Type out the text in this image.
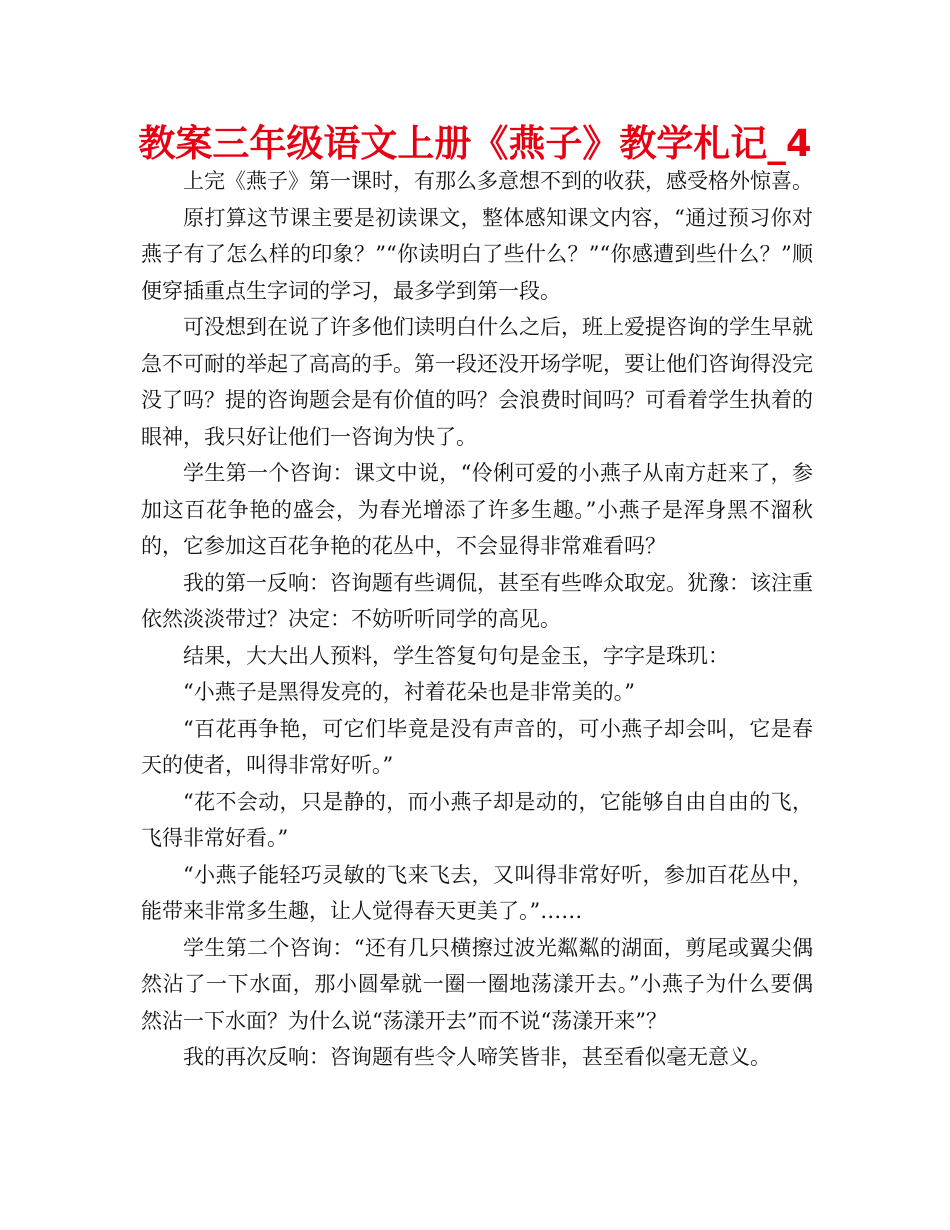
教案三年级语文上册《燕子》教学札记_4

上完《燕子》第一课时，有那么多意想不到的收获，感受格外惊喜。

原打算这节课主要是初读课文，整体感知课文内容，“通过预习你对燕子有了怎么样的印象？”“你读明白了些什么？”“你感遭到些什么？”顺便穿插重点生字词的学习，最多学到第一段。

可没想到在说了许多他们读明白什么之后，班上爱提咨询的学生早就急不可耐的举起了高高的手。第一段还没开场学呢，要让他们咨询得没完没了吗？提的咨询题会是有价值的吗？会浪费时间吗？可看着学生执着的眼神，我只好让他们一咨询为快了。

学生第一个咨询：课文中说，“伶俐可爱的小燕子从南方赶来了，参加这百花争艳的盛会，为春光增添了许多生趣。”小燕子是浑身黑不溜秋的，它参加这百花争艳的花丛中，不会显得非常难看吗？

我的第一反响：咨询题有些调侃，甚至有些哗众取宠。犹豫：该注重依然淡淡带过？决定：不妨听听同学的高见。

结果，大大出人预料，学生答复句句是金玉，字字是珠玑：

“小燕子是黑得发亮的，衬着花朵也是非常美的。”

“百花再争艳，可它们毕竟是没有声音的，可小燕子却会叫，它是春天的使者，叫得非常好听。”

“花不会动，只是静的，而小燕子却是动的，它能够自由自由的飞，飞得非常好看。”

“小燕子能轻巧灵敏的飞来飞去，又叫得非常好听，参加百花丛中，能带来非常多生趣，让人觉得春天更美了。”……

学生第二个咨询：“还有几只横擦过波光粼粼的湖面，剪尾或翼尖偶然沾了一下水面，那小圆晕就一圈一圈地荡漾开去。”小燕子为什么要偶然沾一下水面？为什么说“荡漾开去”而不说“荡漾开来”？

我的再次反响：咨询题有些令人啼笑皆非，甚至看似毫无意义。
